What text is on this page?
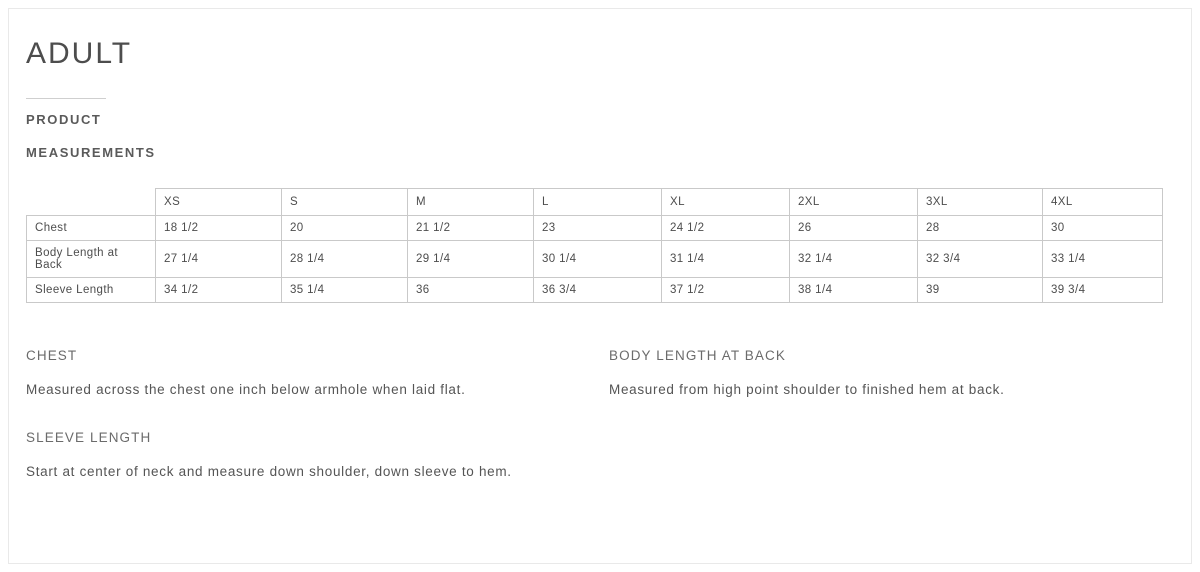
ADULT
PRODUCT
MEASUREMENTS
	XS	S	M	L	XL	2XL	3XL	4XL
Chest	18 1/2	20	21 1/2	23	24 1/2	26	28	30
Body Length at Back	27 1/4	28 1/4	29 1/4	30 1/4	31 1/4	32 1/4	32 3/4	33 1/4
Sleeve Length	34 1/2	35 1/4	36	36 3/4	37 1/2	38 1/4	39	39 3/4
CHEST
Measured across the chest one inch below armhole when laid flat.
SLEEVE LENGTH
Start at center of neck and measure down shoulder, down sleeve to hem.
BODY LENGTH AT BACK
Measured from high point shoulder to finished hem at back.
